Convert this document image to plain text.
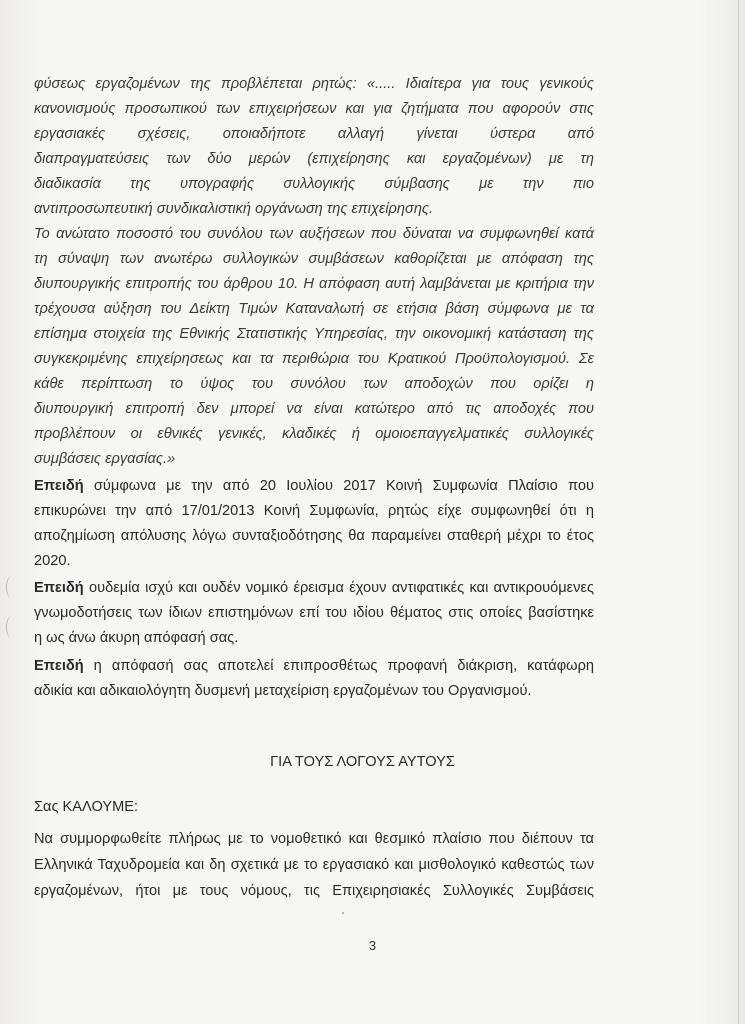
φύσεως εργαζομένων της προβλέπεται ρητώς: «..... Ιδιαίτερα για τους γενικούς
κανονισμούς προσωπικού των επιχειρήσεων και για ζητήματα που αφορούν στις
εργασιακές σχέσεις, οποιαδήποτε αλλαγή γίνεται ύστερα από
διαπραγματεύσεις των δύο μερών (επιχείρησης και εργαζομένων) με τη
διαδικασία της υπογραφής συλλογικής σύμβασης με την πιο
αντιπροσωπευτική συνδικαλιστική οργάνωση της επιχείρησης.
Το ανώτατο ποσοστό του συνόλου των αυξήσεων που δύναται να συμφωνηθεί κατά
τη σύναψη των ανωτέρω συλλογικών συμβάσεων καθορίζεται με απόφαση της
διυπουργικής επιτροπής του άρθρου 10. Η απόφαση αυτή λαμβάνεται με κριτήρια την
τρέχουσα αύξηση του Δείκτη Τιμών Καταναλωτή σε ετήσια βάση σύμφωνα με τα
επίσημα στοιχεία της Εθνικής Στατιστικής Υπηρεσίας, την οικονομική κατάσταση της
συγκεκριμένης επιχείρησεως και τα περιθώρια του Κρατικού Προϋπολογισμού. Σε
κάθε περίπτωση το ύψος του συνόλου των αποδοχών που ορίζει η
διυπουργική επιτροπή δεν μπορεί να είναι κατώτερο από τις αποδοχές που
προβλέπουν οι εθνικές γενικές, κλαδικές ή ομοιοεπαγγελματικές συλλογικές
συμβάσεις εργασίας.»
Επειδή σύμφωνα με την από 20 Ιουλίου 2017 Κοινή Συμφωνία Πλαίσιο που
επικυρώνει την από 17/01/2013 Κοινή Συμφωνία, ρητώς είχε συμφωνηθεί ότι η
αποζημίωση απόλυσης λόγω συνταξιοδότησης θα παραμείνει σταθερή μέχρι το έτος
2020.
Επειδή ουδεμία ισχύ και ουδέν νομικό έρεισμα έχουν αντιφατικές και αντικρουόμενες
γνωμοδοτήσεις των ίδιων επιστημόνων επί του ιδίου θέματος στις οποίες βασίστηκε
η ως άνω άκυρη απόφασή σας.
Επειδή η απόφασή σας αποτελεί επιπροσθέτως προφανή διάκριση, κατάφωρη
αδικία και αδικαιολόγητη δυσμενή μεταχείριση εργαζομένων του Οργανισμού.
ΓΙΑ ΤΟΥΣ ΛΟΓΟΥΣ ΑΥΤΟΥΣ
Σας ΚΑΛΟΥΜΕ:
Να συμμορφωθείτε πλήρως με το νομοθετικό και θεσμικό πλαίσιο που διέπουν τα
Ελληνικά Ταχυδρομεία και δη σχετικά με το εργασιακό και μισθολογικό καθεστώς των
εργαζομένων, ήτοι με τους νόμους, τις Επιχειρησιακές Συλλογικές Συμβάσεις
3
